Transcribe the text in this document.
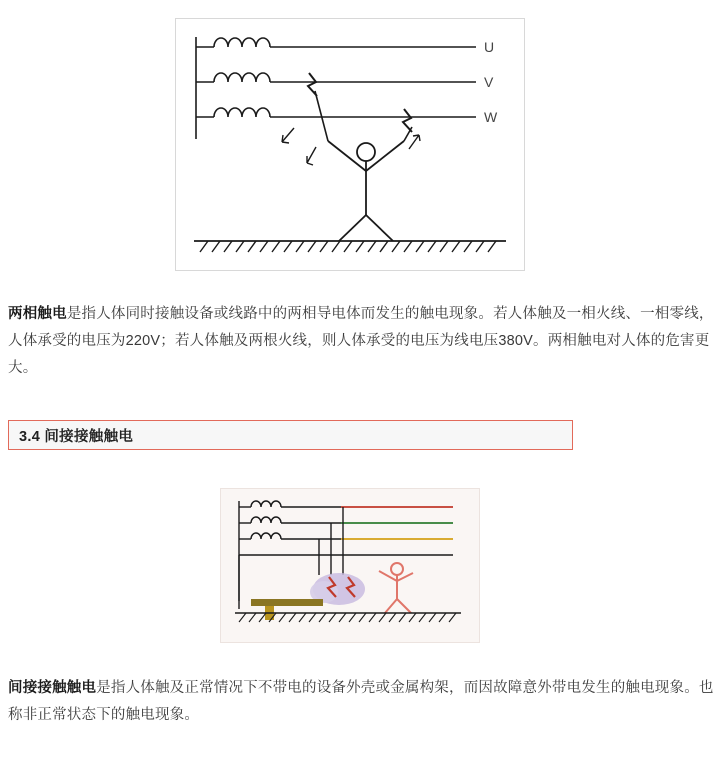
U
V
W

两相触电是指人体同时接触设备或线路中的两相导电体而发生的触电现象。若人体触及一相火线、一相零线，人体承受的电压为220V；若人体触及两根火线，则人体承受的电压为线电压380V。两相触电对人体的危害更大。

3.4 间接接触触电

间接接触触电是指人体触及正常情况下不带电的设备外壳或金属构架，而因故障意外带电发生的触电现象。也称非正常状态下的触电现象。
